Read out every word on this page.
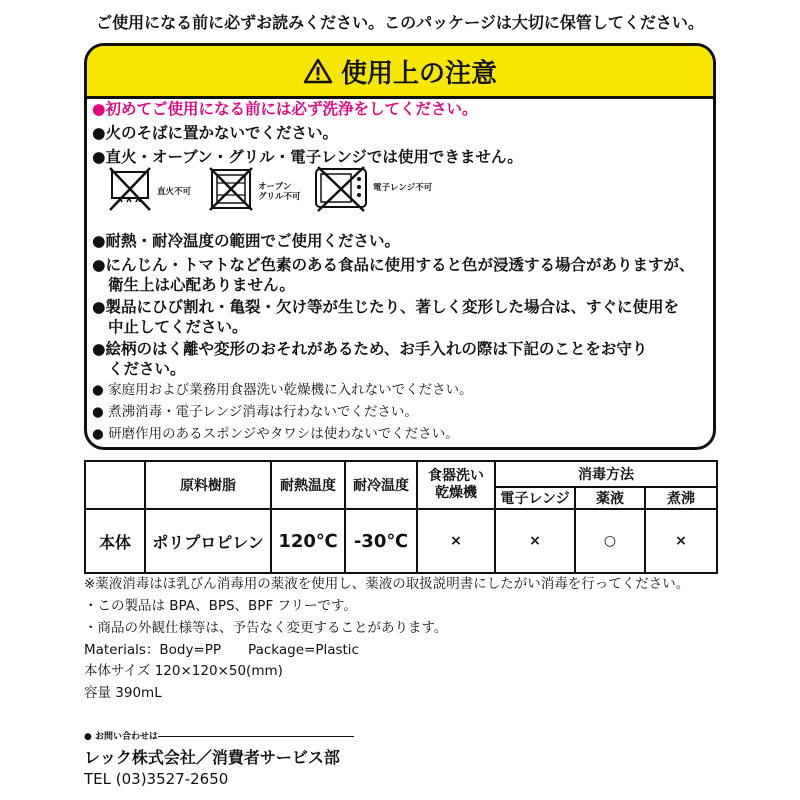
ご使用になる前に必ずお読みください。このパッケージは大切に保管してください。
使用上の注意
●初めてご使用になる前には必ず洗浄をしてください。
●火のそばに置かないでください。
●直火・オーブン・グリル・電子レンジでは使用できません。
直火不可	オーブン
グリル不可
電子レンジ不可
●耐熱・耐冷温度の範囲でご使用ください。
●にんじん・トマトなど色素のある食品に使用すると色が浸透する場合がありますが、
衛生上は心配ありません。
●製品にひび割れ・亀裂・欠け等が生じたり、著しく変形した場合は、すぐに使用を
中止してください。
●絵柄のはく離や変形のおそれがあるため、お手入れの際は下記のことをお守り
ください。
● 家庭用および業務用食器洗い乾燥機に入れないでください。
● 煮沸消毒・電子レンジ消毒は行わないでください。
● 研磨作用のあるスポンジやタワシは使わないでください。
	原料樹脂	耐熱温度	耐冷温度	食器洗い
乾燥機	消毒方法		
					電子レンジ	薬液	煮沸
本体	ポリプロピレン	120℃	-30℃	×	×	○	×
※薬液消毒はほ乳びん消毒用の薬液を使用し、薬液の取扱説明書にしたがい消毒を行ってください。
・この製品は BPA、BPS、BPF フリーです。
・商品の外観仕様等は、予告なく変更することがあります。
Materials：Body=PP　　Package=Plastic
本体サイズ 120×120×50(mm)
容量 390mL
● お問い合わせは
レック株式会社／消費者サービス部
TEL (03)3527-2650
